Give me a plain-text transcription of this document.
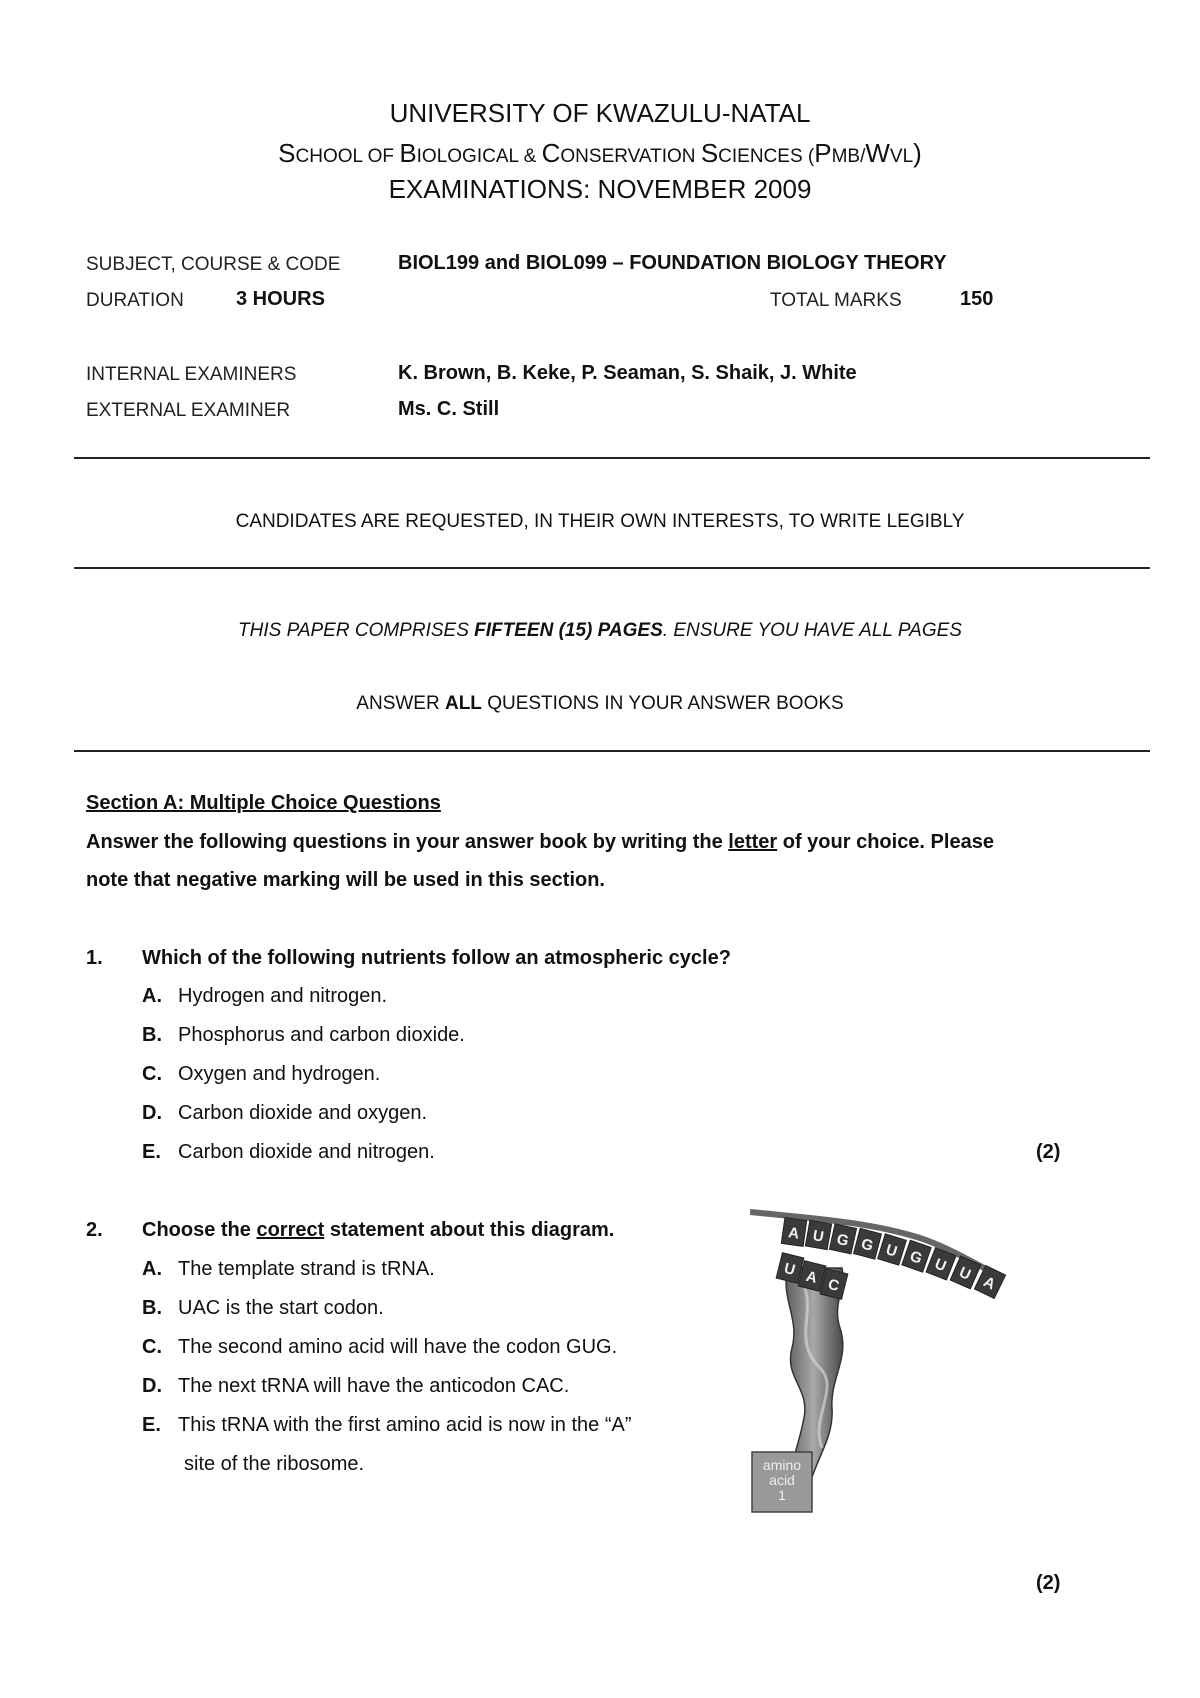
UNIVERSITY OF KWAZULU-NATAL
SCHOOL OF BIOLOGICAL & CONSERVATION SCIENCES (PMB/WVL)
EXAMINATIONS: NOVEMBER 2009
SUBJECT, COURSE & CODE	BIOL199 and BIOL099 – FOUNDATION BIOLOGY THEORY
DURATION	3 HOURS	TOTAL MARKS	150
INTERNAL EXAMINERS	K. Brown, B. Keke, P. Seaman, S. Shaik, J. White
EXTERNAL EXAMINER	Ms. C. Still
CANDIDATES ARE REQUESTED, IN THEIR OWN INTERESTS, TO WRITE LEGIBLY
THIS PAPER COMPRISES FIFTEEN (15) PAGES. ENSURE YOU HAVE ALL PAGES
ANSWER ALL QUESTIONS IN YOUR ANSWER BOOKS
Section A: Multiple Choice Questions
Answer the following questions in your answer book by writing the letter of your choice. Please
note that negative marking will be used in this section.
1. Which of the following nutrients follow an atmospheric cycle?
A. Hydrogen and nitrogen.
B. Phosphorus and carbon dioxide.
C. Oxygen and hydrogen.
D. Carbon dioxide and oxygen.
E. Carbon dioxide and nitrogen.	(2)
2. Choose the correct statement about this diagram.
A. The template strand is tRNA.
B. UAC is the start codon.
C. The second amino acid will have the codon GUG.
D. The next tRNA will have the anticodon CAC.
E. This tRNA with the first amino acid is now in the “A”
site of the ribosome.
A U G G U G U U A
U A C
amino
acid
1
(2)
